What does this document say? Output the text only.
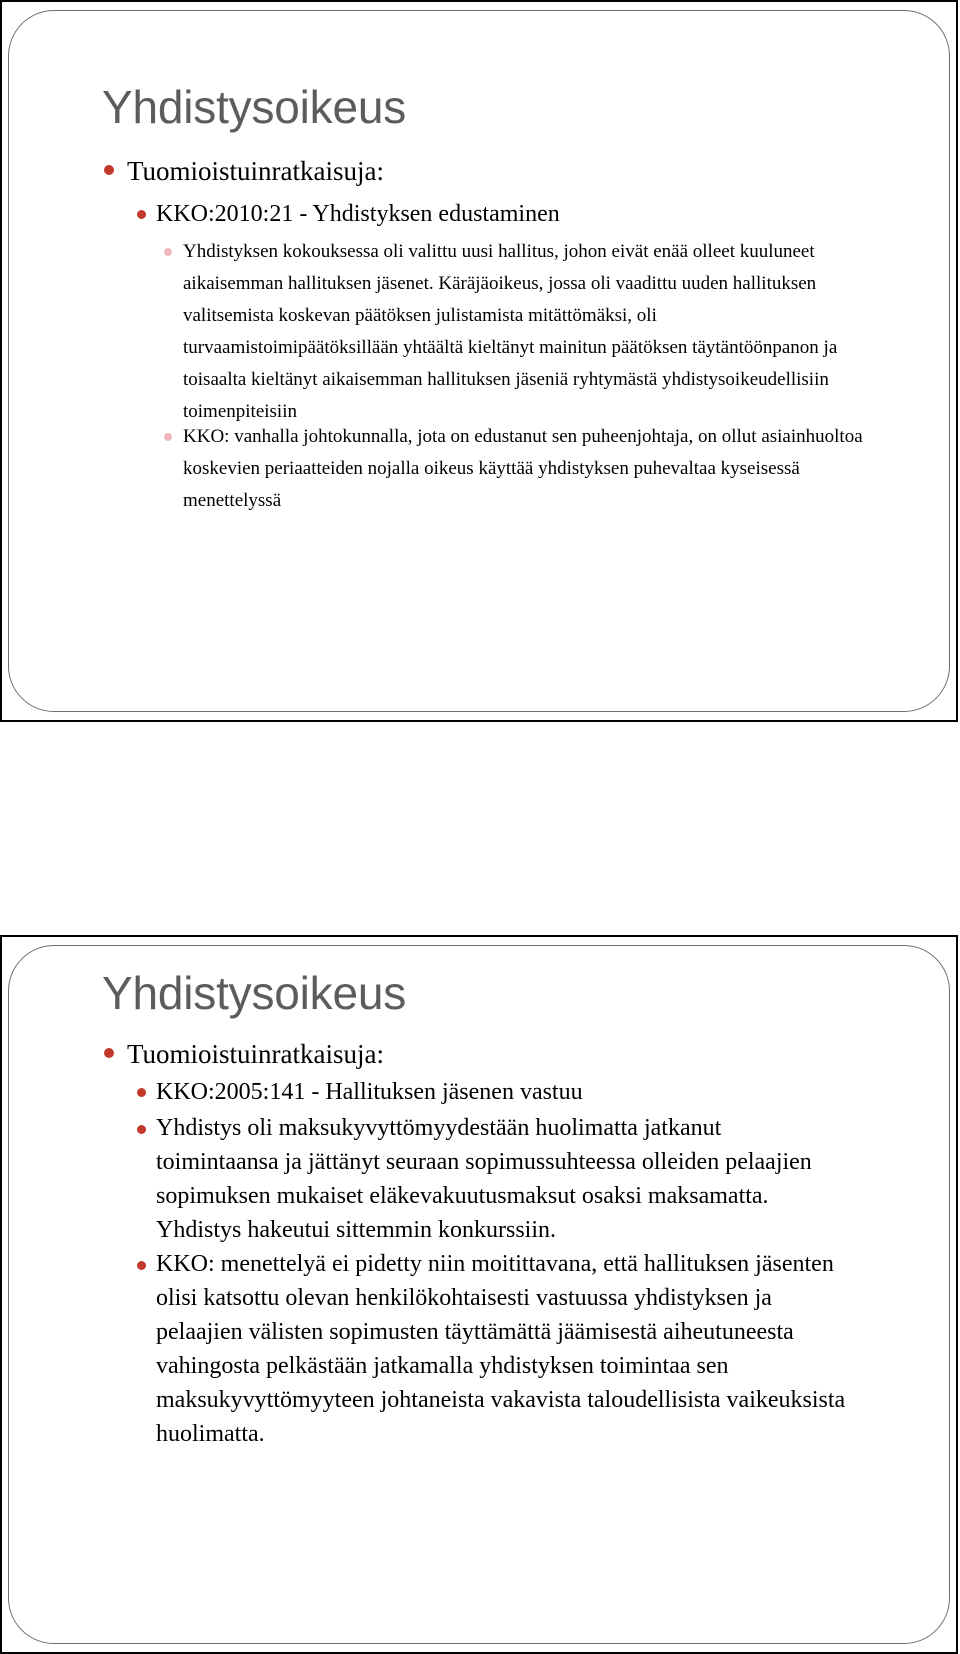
Yhdistysoikeus
Tuomioistuinratkaisuja:
KKO:2010:21 - Yhdistyksen edustaminen
Yhdistyksen kokouksessa oli valittu uusi hallitus, johon eivät enää olleet kuuluneet aikaisemman hallituksen jäsenet. Käräjäoikeus, jossa oli vaadittu uuden hallituksen valitsemista koskevan päätöksen julistamista mitättömäksi, oli turvaamistoimipäätöksillään yhtäältä kieltänyt mainitun päätöksen täytäntöönpanon ja toisaalta kieltänyt aikaisemman hallituksen jäseniä ryhtymästä yhdistysoikeudellisiin toimenpiteisiin
KKO: vanhalla johtokunnalla, jota on edustanut sen puheenjohtaja, on ollut asiainhuoltoa koskevien periaatteiden nojalla oikeus käyttää yhdistyksen puhevaltaa kyseisessä menettelyssä
Yhdistysoikeus
Tuomioistuinratkaisuja:
KKO:2005:141 - Hallituksen jäsenen vastuu
Yhdistys oli maksukyvyttömyydestään huolimatta jatkanut toimintaansa ja jättänyt seuraan sopimussuhteessa olleiden pelaajien sopimuksen mukaiset eläkevakuutusmaksut osaksi maksamatta. Yhdistys hakeutui sittemmin konkurssiin.
KKO: menettelyä ei pidetty niin moitittavana, että hallituksen jäsenten olisi katsottu olevan henkilökohtaisesti vastuussa yhdistyksen ja pelaajien välisten sopimusten täyttämättä jäämisestä aiheutuneesta vahingosta pelkästään jatkamalla yhdistyksen toimintaa sen maksukyvyttömyyteen johtaneista vakavista taloudellisista vaikeuksista huolimatta.
